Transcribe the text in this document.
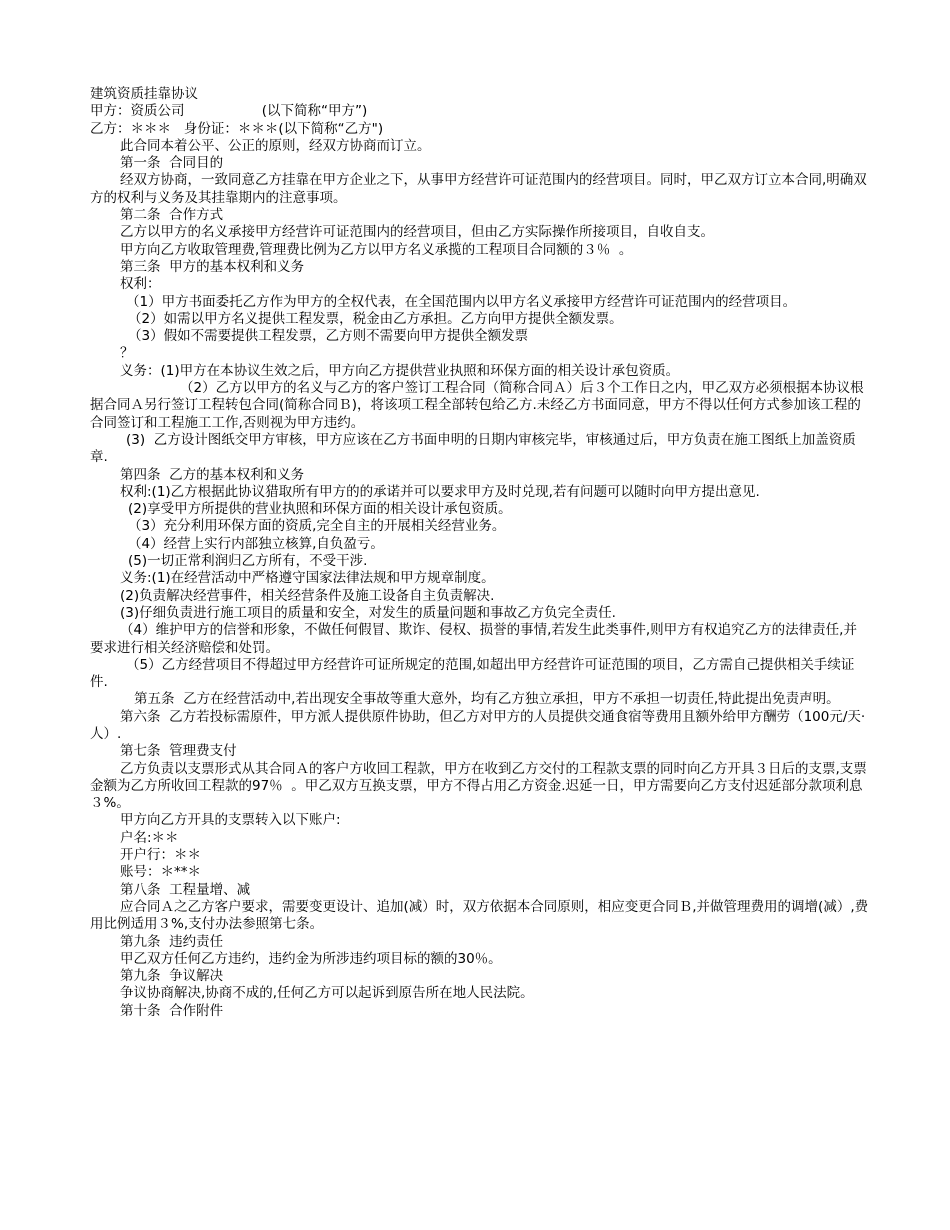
建筑资质挂靠协议

甲方：资质公司                  (以下简称“甲方”)

乙方：＊＊＊   身份证：＊＊＊(以下简称“乙方")

此合同本着公平、公正的原则，经双方协商而订立。

第一条  合同目的

经双方协商，一致同意乙方挂靠在甲方企业之下，从事甲方经营许可证范围内的经营项目。同时，甲乙双方订立本合同,明确双方的权利与义务及其挂靠期内的注意事项。

第二条  合作方式

乙方以甲方的名义承接甲方经营许可证范围内的经营项目，但由乙方实际操作所接项目，自收自支。

甲方向乙方收取管理费,管理费比例为乙方以甲方名义承揽的工程项目合同额的３％  。

第三条  甲方的基本权利和义务

权利：

（1）甲方书面委托乙方作为甲方的全权代表，在全国范围内以甲方名义承接甲方经营许可证范围内的经营项目。

（2）如需以甲方名义提供工程发票，税金由乙方承担。乙方向甲方提供全额发票。

（3）假如不需要提供工程发票，乙方则不需要向甲方提供全额发票

？

义务：(1)甲方在本协议生效之后，甲方向乙方提供营业执照和环保方面的相关设计承包资质。

（2）乙方以甲方的名义与乙方的客户签订工程合同（简称合同Ａ）后３个工作日之内，甲乙双方必须根据本协议根据合同Ａ另行签订工程转包合同(简称合同Ｂ)，将该项工程全部转包给乙方.未经乙方书面同意，甲方不得以任何方式参加该工程的合同签订和工程施工工作,否则视为甲方违约。

(3)  乙方设计图纸交甲方审核，甲方应该在乙方书面申明的日期内审核完毕，审核通过后，甲方负责在施工图纸上加盖资质章.

第四条  乙方的基本权利和义务

权利:(1)乙方根据此协议猎取所有甲方的的承诺并可以要求甲方及时兑现,若有问题可以随时向甲方提出意见.

(2)享受甲方所提供的营业执照和环保方面的相关设计承包资质。

（3）充分利用环保方面的资质,完全自主的开展相关经营业务。

（4）经营上实行内部独立核算,自负盈亏。

(5)一切正常利润归乙方所有，不受干涉.

义务:(1)在经营活动中严格遵守国家法律法规和甲方规章制度。

(2)负责解决经营事件，相关经营条件及施工设备自主负责解决.

(3)仔细负责进行施工项目的质量和安全，对发生的质量问题和事故乙方负完全责任.

（4）维护甲方的信誉和形象，不做任何假冒、欺诈、侵权、损誉的事情,若发生此类事件,则甲方有权追究乙方的法律责任,并要求进行相关经济赔偿和处罚。

（5）乙方经营项目不得超过甲方经营许可证所规定的范围,如超出甲方经营许可证范围的项目，乙方需自己提供相关手续证件.

第五条  乙方在经营活动中,若出现安全事故等重大意外，均有乙方独立承担，甲方不承担一切责任,特此提出免责声明。

第六条  乙方若投标需原件，甲方派人提供原件协助，但乙方对甲方的人员提供交通食宿等费用且额外给甲方酬劳（100元/天·人）.

第七条  管理费支付

乙方负责以支票形式从其合同Ａ的客户方收回工程款，甲方在收到乙方交付的工程款支票的同时向乙方开具３日后的支票,支票金额为乙方所收回工程款的97％  。甲乙双方互换支票，甲方不得占用乙方资金.迟延一日，甲方需要向乙方支付迟延部分款项利息３%。

甲方向乙方开具的支票转入以下账户:

户名:＊＊

开户行：＊＊

账号：＊**＊

第八条  工程量增、减

应合同Ａ之乙方客户要求，需要变更设计、追加(减）时，双方依据本合同原则，相应变更合同Ｂ,并做管理费用的调增(减）,费用比例适用３%,支付办法参照第七条。

第九条  违约责任

甲乙双方任何乙方违约，违约金为所涉违约项目标的额的30％。

第九条  争议解决

争议协商解决,协商不成的,任何乙方可以起诉到原告所在地人民法院。

第十条  合作附件
